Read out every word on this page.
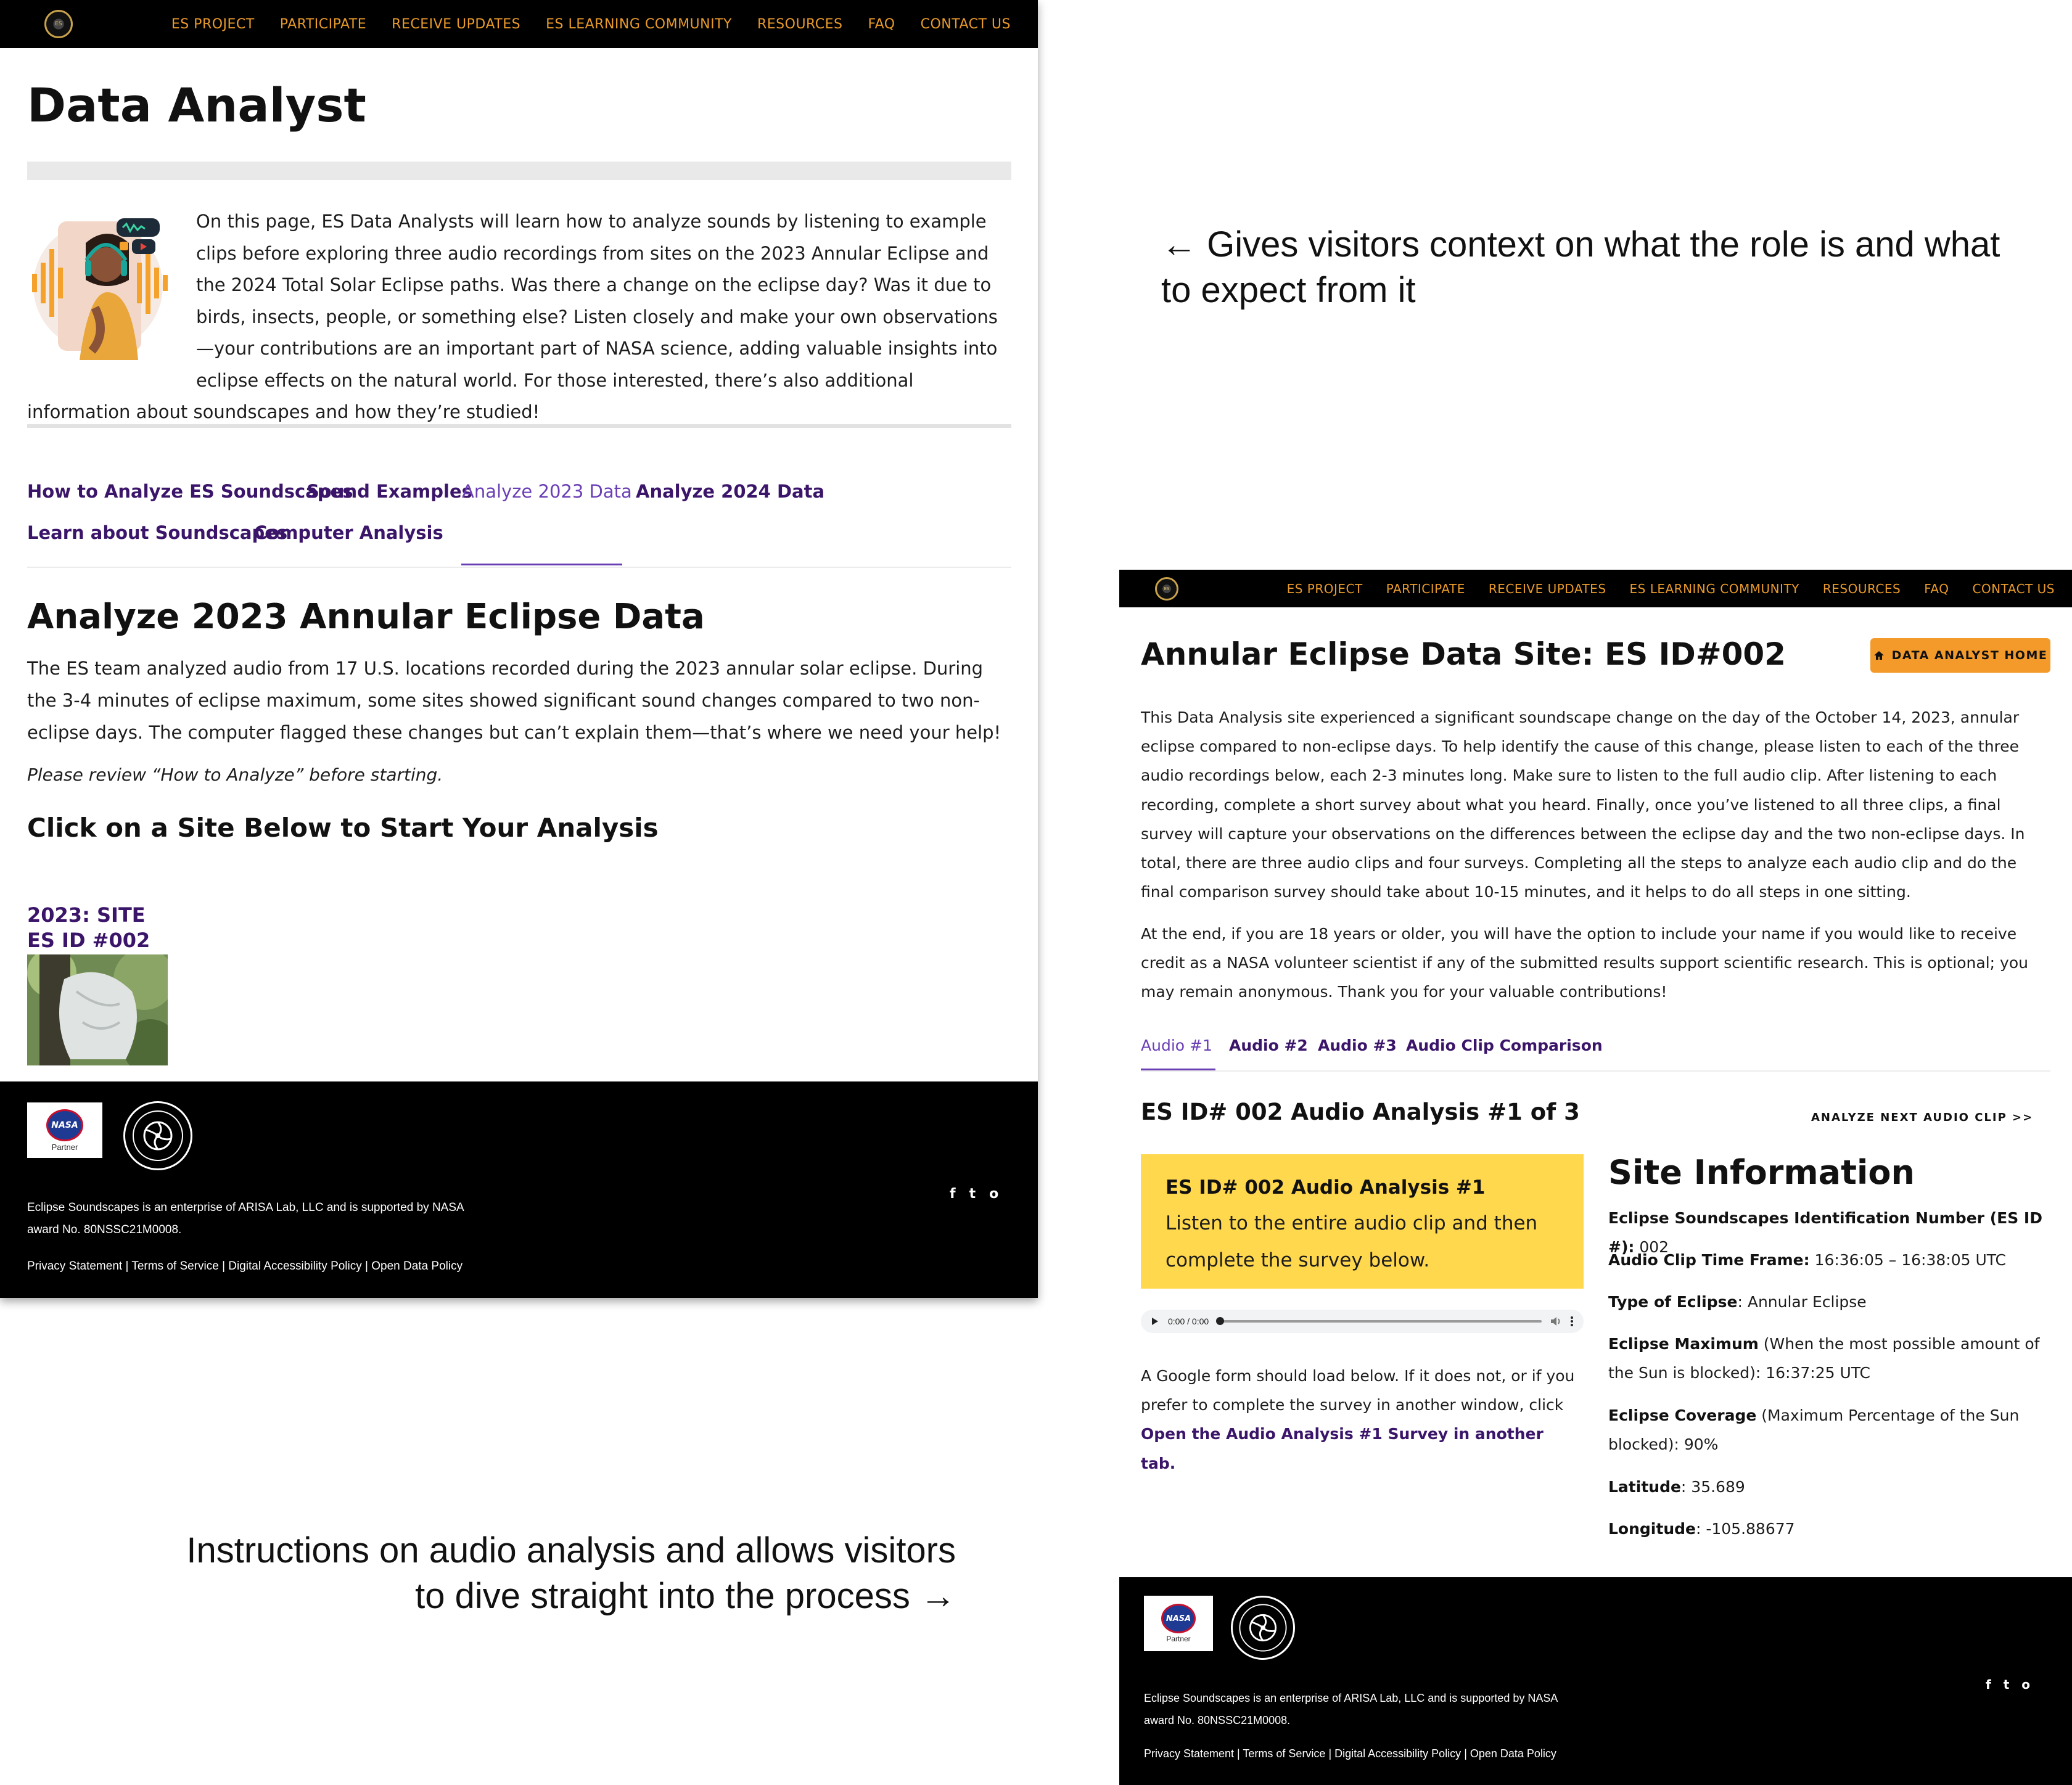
ES	ES PROJECT PARTICIPATE RECEIVE UPDATES ES LEARNING COMMUNITY RESOURCES FAQ CONTACT US
Data Analyst

On this page, ES Data Analysts will learn how to analyze sounds by listening to example clips before exploring three audio recordings from sites on the 2023 Annular Eclipse and the 2024 Total Solar Eclipse paths. Was there a change on the eclipse day? Was it due to birds, insects, people, or something else? Listen closely and make your own observations—your contributions are an important part of NASA science, adding valuable insights into eclipse effects on the natural world. For those interested, there’s also additional information about soundscapes and how they’re studied!

How to Analyze ES Soundscapes
Sound Examples
Analyze 2023 Data Analyze 2024 Data
Learn about Soundscapes
Computer Analysis
Analyze 2023 Annular Eclipse Data

The ES team analyzed audio from 17 U.S. locations recorded during the 2023 annular solar eclipse. During the 3-4 minutes of eclipse maximum, some sites showed significant sound changes compared to two non-eclipse days. The computer flagged these changes but can’t explain them—that’s where we need your help!

Please review “How to Analyze” before starting.

Click on a Site Below to Start Your Analysis
2023: SITE ES ID #002
NASA
Partner
f t o
Eclipse Soundscapes is an enterprise of ARISA Lab, LLC and is supported by NASA award No. 80NSSC21M0008.
Privacy Statement | Terms of Service | Digital Accessibility Policy | Open Data Policy

← Gives visitors context on what the role is and what to expect from it

Instructions on audio analysis and allows visitors
to dive straight into the process →

ES	ES PROJECT PARTICIPATE RECEIVE UPDATES ES LEARNING COMMUNITY RESOURCES FAQ CONTACT US
Annular Eclipse Data Site: ES ID#002	DATA ANALYST HOME

This Data Analysis site experienced a significant soundscape change on the day of the October 14, 2023, annular eclipse compared to non-eclipse days. To help identify the cause of this change, please listen to each of the three audio recordings below, each 2-3 minutes long. Make sure to listen to the full audio clip. After listening to each recording, complete a short survey about what you heard. Finally, once you’ve listened to all three clips, a final survey will capture your observations on the differences between the eclipse day and the two non-eclipse days. In total, there are three audio clips and four surveys. Completing all the steps to analyze each audio clip and do the final comparison survey should take about 10-15 minutes, and it helps to do all steps in one sitting.

At the end, if you are 18 years or older, you will have the option to include your name if you would like to receive credit as a NASA volunteer scientist if any of the submitted results support scientific research. This is optional; you may remain anonymous. Thank you for your valuable contributions!

Audio #1 Audio #2 Audio #3 Audio Clip Comparison
ES ID# 002 Audio Analysis #1 of 3	ANALYZE NEXT AUDIO CLIP >>

ES ID# 002 Audio Analysis #1

Listen to the entire audio clip and then complete the survey below.

0:00 / 0:00

A Google form should load below. If it does not, or if you prefer to complete the survey in another window, click Open the Audio Analysis #1 Survey in another tab.

Site Information

Eclipse Soundscapes Identification Number (ES ID #): 002

Audio Clip Time Frame: 16:36:05 – 16:38:05 UTC

Type of Eclipse: Annular Eclipse

Eclipse Maximum (When the most possible amount of the Sun is blocked): 16:37:25 UTC

Eclipse Coverage (Maximum Percentage of the Sun blocked): 90%

Latitude: 35.689

Longitude: -105.88677

NASA
Partner
f t o
Eclipse Soundscapes is an enterprise of ARISA Lab, LLC and is supported by NASA award No. 80NSSC21M0008.
Privacy Statement | Terms of Service | Digital Accessibility Policy | Open Data Policy
